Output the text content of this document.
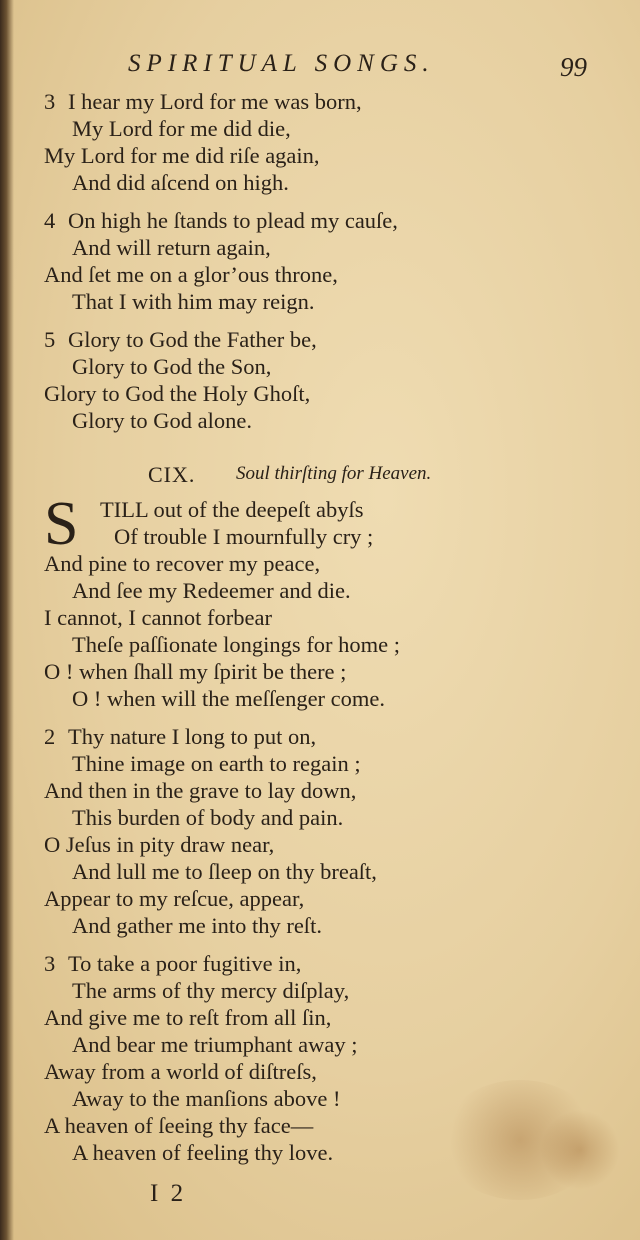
SPIRITUAL SONGS.	99
3 I hear my Lord for me was born,
My Lord for me did die,
My Lord for me did riſe again,
And did aſcend on high.
4 On high he ſtands to plead my cauſe,
And will return again,
And ſet me on a glor’ous throne,
That I with him may reign.
5 Glory to God the Father be,
Glory to God the Son,
Glory to God the Holy Ghoſt,
Glory to God alone.
CIX. Soul thirſting for Heaven.
S TILL out of the deepeſt abyſs
Of trouble I mournfully cry ;
And pine to recover my peace,
And ſee my Redeemer and die.
I cannot, I cannot forbear
Theſe paſſionate longings for home ;
O ! when ſhall my ſpirit be there ;
O ! when will the meſſenger come.
2 Thy nature I long to put on,
Thine image on earth to regain ;
And then in the grave to lay down,
This burden of body and pain.
O Jeſus in pity draw near,
And lull me to ſleep on thy breaſt,
Appear to my reſcue, appear,
And gather me into thy reſt.
3 To take a poor fugitive in,
The arms of thy mercy diſplay,
And give me to reſt from all ſin,
And bear me triumphant away ;
Away from a world of diſtreſs,
Away to the manſions above !
A heaven of ſeeing thy face—
A heaven of feeling thy love.
I 2
